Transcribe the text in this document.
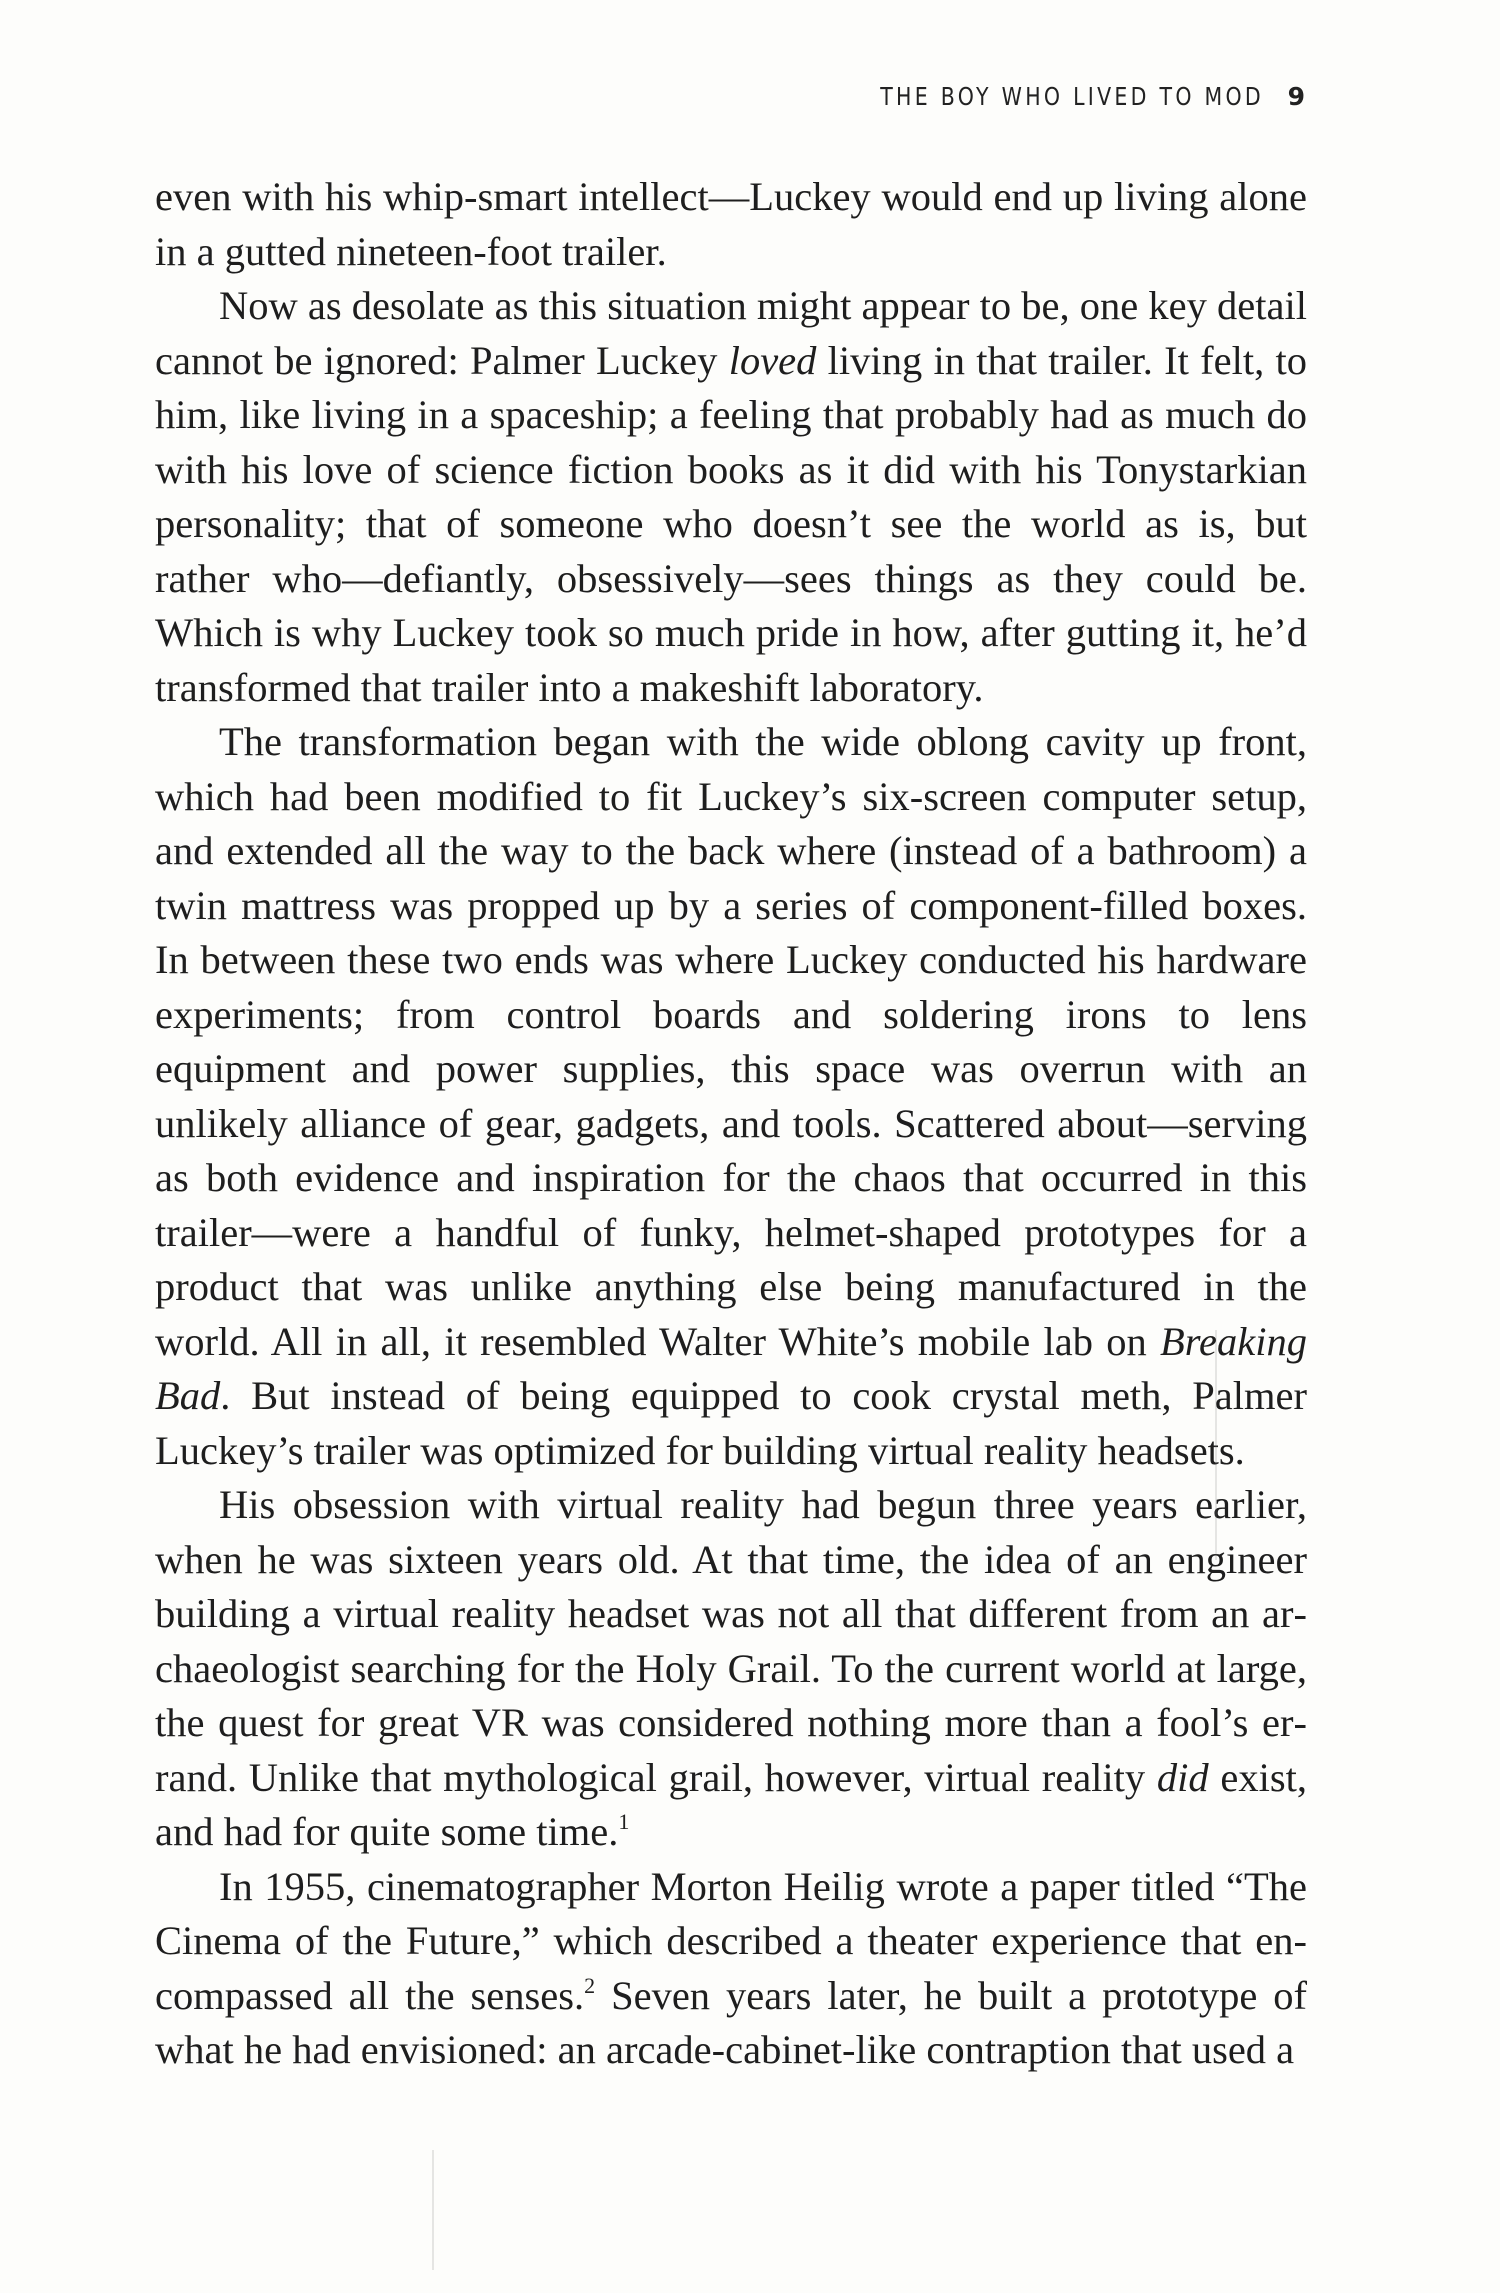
THE BOY WHO LIVED TO MOD 9

even with his whip-smart intellect—Luckey would end up living alone in a gutted nineteen-foot trailer.

Now as desolate as this situation might appear to be, one key detail cannot be ignored: Palmer Luckey loved living in that trailer. It felt, to him, like living in a spaceship; a feeling that probably had as much do with his love of science fiction books as it did with his Tonystarkian personality; that of someone who doesn’t see the world as is, but rather who—defiantly, obsessively—sees things as they could be. Which is why Luckey took so much pride in how, after gutting it, he’d transformed that trailer into a makeshift laboratory.

The transformation began with the wide oblong cavity up front, which had been modified to fit Luckey’s six-screen computer setup, and extended all the way to the back where (instead of a bathroom) a twin mattress was propped up by a series of component-filled boxes. In between these two ends was where Luckey conducted his hardware experiments; from control boards and soldering irons to lens equipment and power supplies, this space was overrun with an unlikely alliance of gear, gadgets, and tools. Scattered about—serving as both evidence and inspiration for the chaos that occurred in this trailer—were a handful of funky, helmet-shaped prototypes for a product that was unlike anything else being manufactured in the world. All in all, it resembled Walter White’s mobile lab on Breaking Bad. But instead of being equipped to cook crystal meth, Palmer Luckey’s trailer was optimized for building virtual reality headsets.

His obsession with virtual reality had begun three years earlier, when he was sixteen years old. At that time, the idea of an engineer building a virtual reality headset was not all that different from an archaeologist searching for the Holy Grail. To the current world at large, the quest for great VR was considered nothing more than a fool’s errand. Unlike that mythological grail, however, virtual reality did exist, and had for quite some time.$^1$

In 1955, cinematographer Morton Heilig wrote a paper titled “The Cinema of the Future,” which described a theater experience that encompassed all the senses.$^2$ Seven years later, he built a prototype of what he had envisioned: an arcade-cabinet-like contraption that used a
